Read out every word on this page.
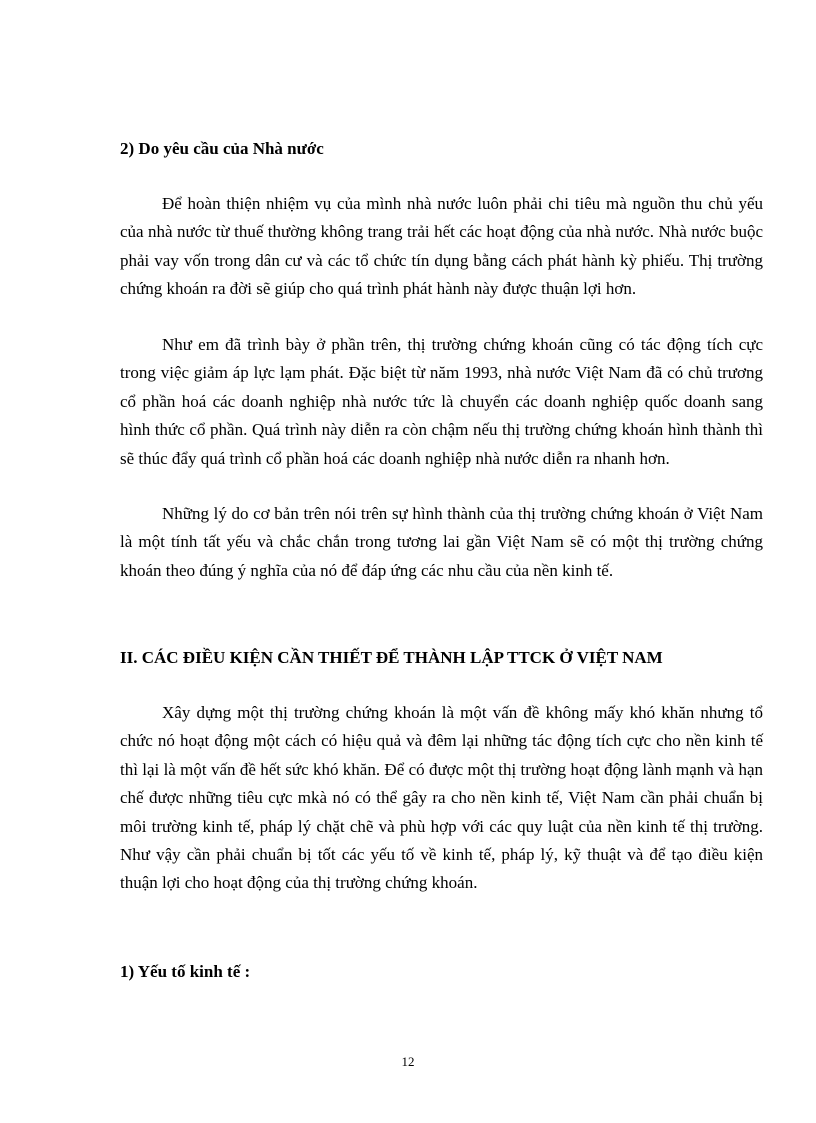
2) Do yêu cầu của Nhà nước
Để hoàn thiện nhiệm vụ của mình nhà nước luôn phải chi tiêu mà nguồn thu chủ yếu của nhà nước từ thuế thường không trang trải hết các hoạt động của nhà nước. Nhà nước buộc phải vay vốn trong dân cư và các tổ chức tín dụng bằng cách phát hành kỳ phiếu. Thị trường chứng khoán ra đời sẽ giúp cho quá trình phát hành này được thuận lợi hơn.
Như em đã trình bày ở phần trên, thị trường chứng khoán cũng có tác động tích cực trong việc giảm áp lực lạm phát. Đặc biệt từ năm 1993, nhà nước Việt Nam đã có chủ trương cổ phần hoá các doanh nghiệp nhà nước tức là chuyển các doanh nghiệp quốc doanh sang hình thức cổ phần. Quá trình này diễn ra còn chậm nếu thị trường chứng khoán hình thành thì sẽ thúc đẩy quá trình cổ phần hoá các doanh nghiệp nhà nước diễn ra nhanh hơn.
Những lý do cơ bản trên nói trên sự hình thành của thị trường chứng khoán ở Việt Nam là một tính tất yếu và chắc chắn trong tương lai gần Việt Nam sẽ có một thị trường chứng khoán theo đúng ý nghĩa của nó để đáp ứng các nhu cầu của nền kinh tế.
II. CÁC ĐIỀU KIỆN CẦN THIẾT ĐỂ THÀNH LẬP TTCK Ở VIỆT NAM
Xây dựng một thị trường chứng khoán là một vấn đề không mấy khó khăn nhưng tổ chức nó hoạt động một cách có hiệu quả và đêm lại những tác động tích cực cho nền kinh tế thì lại là một vấn đề hết sức khó khăn. Để có được một thị trường hoạt động lành mạnh và hạn chế được những tiêu cực mkà nó có thể gây ra cho nền kinh tế, Việt Nam cần phải chuẩn bị môi trường kinh tế, pháp lý chặt chẽ và phù hợp với các quy luật của nền kinh tế thị trường. Như vậy cần phải chuẩn bị tốt các yếu tố về kinh tế, pháp lý, kỹ thuật và để tạo điều kiện thuận lợi cho hoạt động của thị trường chứng khoán.
1) Yếu tố kinh tế :
12
